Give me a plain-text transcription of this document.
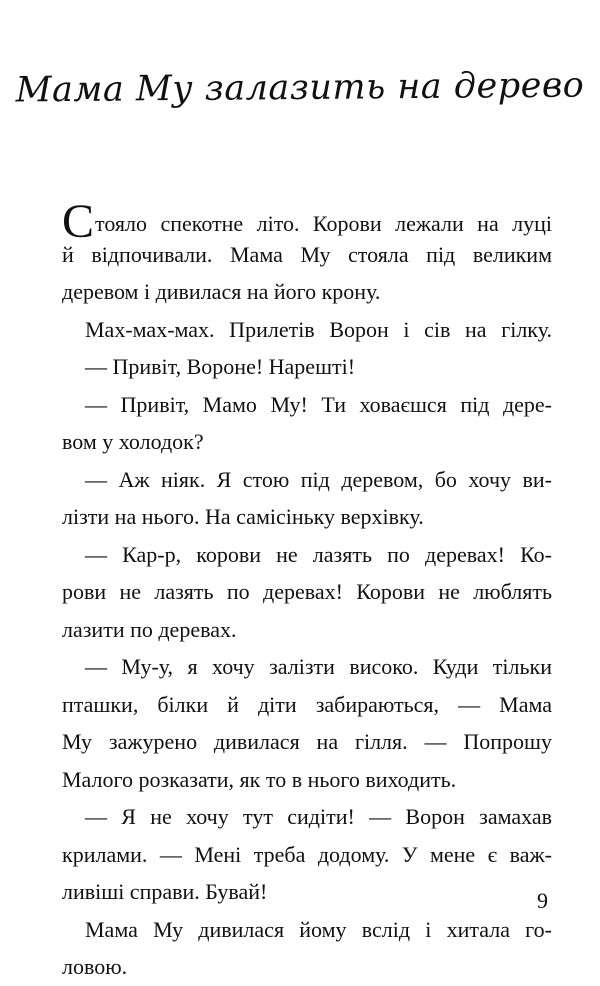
Мама Му залазить на дерево
Стояло спекотне літо. Корови лежали на луці
й відпочивали. Мама Му стояла під великим
деревом і дивилася на його крону.
Мах-мах-мах. Прилетів Ворон і сів на гілку.
— Привіт, Вороне! Нарешті!
— Привіт, Мамо Му! Ти ховаєшся під дере-
вом у холодок?
— Аж ніяк. Я стою під деревом, бо хочу ви-
лізти на нього. На самісіньку верхівку.
— Кар-р, корови не лазять по деревах! Ко-
рови не лазять по деревах! Корови не люблять
лазити по деревах.
— Му-у, я хочу залізти високо. Куди тільки
пташки, білки й діти забираються, — Мама
Му зажурено дивилася на гілля. — Попрошу
Малого розказати, як то в нього виходить.
— Я не хочу тут сидіти! — Ворон замахав
крилами. — Мені треба додому. У мене є важ-
ливіші справи. Бувай!
Мама Му дивилася йому вслід і хитала го-
ловою.
9
